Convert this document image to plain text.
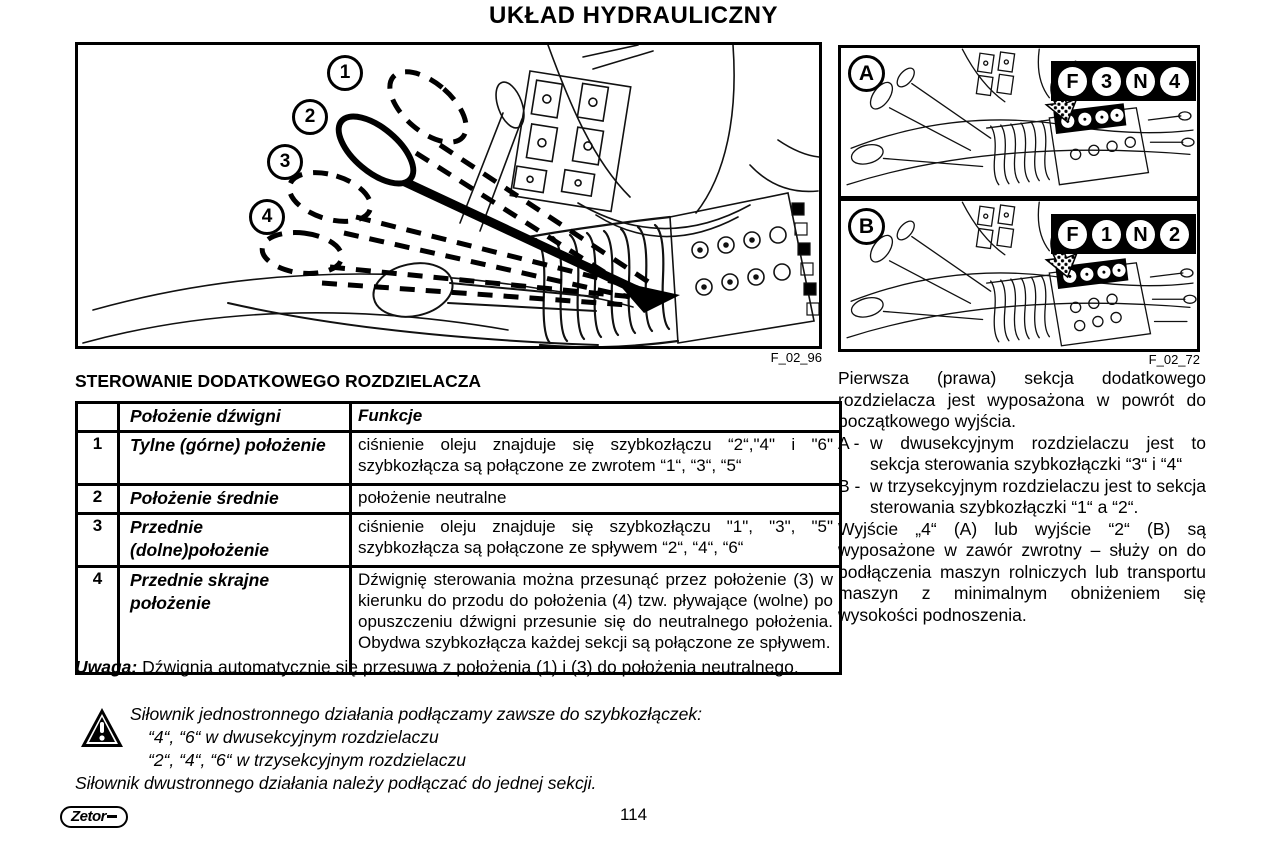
UKŁAD HYDRAULICZNY
1
2
3
4
F_02_96
A
B
F	3	N	4
F	1	N	2
F_02_72
STEROWANIE DODATKOWEGO ROZDZIELACZA
	Położenie dźwigni	Funkcje
1	Tylne (górne) położenie	ciśnienie oleju znajduje się szybkozłączu “2“,"4" i "6" szybkozłącza są połączone ze zwrotem “1“, “3“, “5“
2	Położenie średnie	położenie neutralne
3	Przednie (dolne)położenie	ciśnienie oleju znajduje się szybkozłączu "1", "3", "5" szybkozłącza są połączone ze spływem “2“, “4“, “6“
4	Przednie skrajne położenie	Dźwignię sterowania można przesunąć przez położenie (3) w kierunku do przodu do położenia (4) tzw. pływające (wolne) po opuszczeniu dźwigni przesunie się do neutralnego położenia. Obydwa szybkozłącza każdej sekcji są połączone ze spływem.
Uwaga: Dźwignia automatycznie się przesuwa z położenia (1) i (3) do położenia neutralnego.
Siłownik jednostronnego działania podłączamy zawsze do szybkozłączek:
“4“, “6“ w dwusekcyjnym rozdzielaczu
“2“, “4“, “6“ w trzysekcyjnym rozdzielaczu
Siłownik dwustronnego działania należy podłączać do jednej sekcji.
Pierwsza (prawa) sekcja dodatkowego rozdzielacza jest wyposażona w powrót do początkowego wyjścia.
A - w dwusekcyjnym rozdzielaczu jest to sekcja sterowania szybkozłączki “3“ i “4“
B - w trzysekcyjnym rozdzielaczu jest to sekcja sterowania szybkozłączki “1“ a “2“.
Wyjście „4“ (A) lub wyjście “2“ (B) są wyposażone w zawór zwrotny – służy on do podłączenia maszyn rolniczych lub transportu maszyn z minimalnym obniżeniem się wysokości podnoszenia.
114
Zetor
